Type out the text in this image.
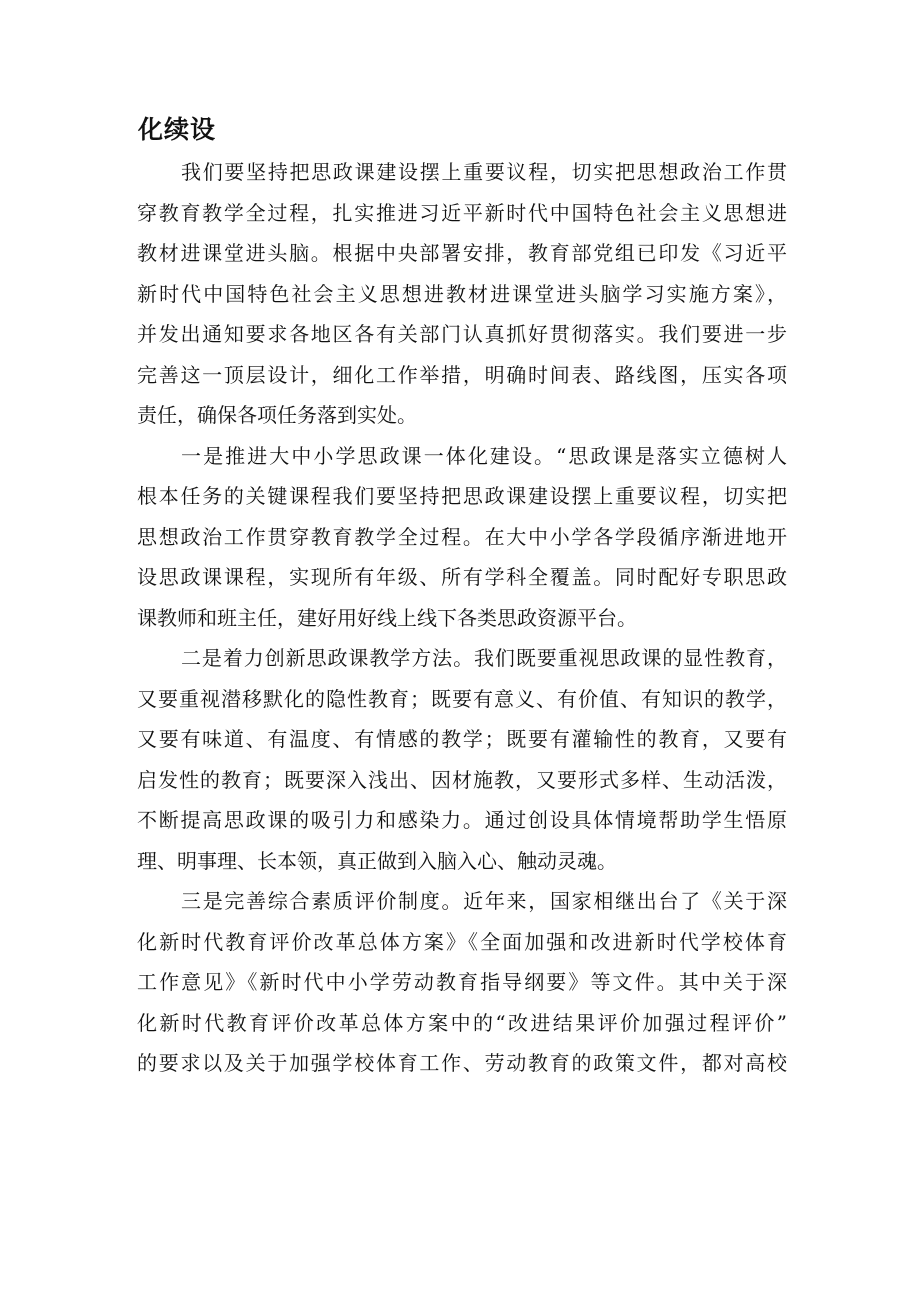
化续设
我们要坚持把思政课建设摆上重要议程，切实把思想政治工作贯
穿教育教学全过程，扎实推进习近平新时代中国特色社会主义思想进
教材进课堂进头脑。根据中央部署安排，教育部党组已印发《习近平
新时代中国特色社会主义思想进教材进课堂进头脑学习实施方案》，
并发出通知要求各地区各有关部门认真抓好贯彻落实。我们要进一步
完善这一顶层设计，细化工作举措，明确时间表、路线图，压实各项
责任，确保各项任务落到实处。
一是推进大中小学思政课一体化建设。“思政课是落实立德树人
根本任务的关键课程我们要坚持把思政课建设摆上重要议程，切实把
思想政治工作贯穿教育教学全过程。在大中小学各学段循序渐进地开
设思政课课程，实现所有年级、所有学科全覆盖。同时配好专职思政
课教师和班主任，建好用好线上线下各类思政资源平台。
二是着力创新思政课教学方法。我们既要重视思政课的显性教育，
又要重视潜移默化的隐性教育；既要有意义、有价值、有知识的教学，
又要有味道、有温度、有情感的教学；既要有灌输性的教育，又要有
启发性的教育；既要深入浅出、因材施教，又要形式多样、生动活泼，
不断提高思政课的吸引力和感染力。通过创设具体情境帮助学生悟原
理、明事理、长本领，真正做到入脑入心、触动灵魂。
三是完善综合素质评价制度。近年来，国家相继出台了《关于深
化新时代教育评价改革总体方案》《全面加强和改进新时代学校体育
工作意见》《新时代中小学劳动教育指导纲要》等文件。其中关于深
化新时代教育评价改革总体方案中的“改进结果评价加强过程评价”
的要求以及关于加强学校体育工作、劳动教育的政策文件，都对高校
